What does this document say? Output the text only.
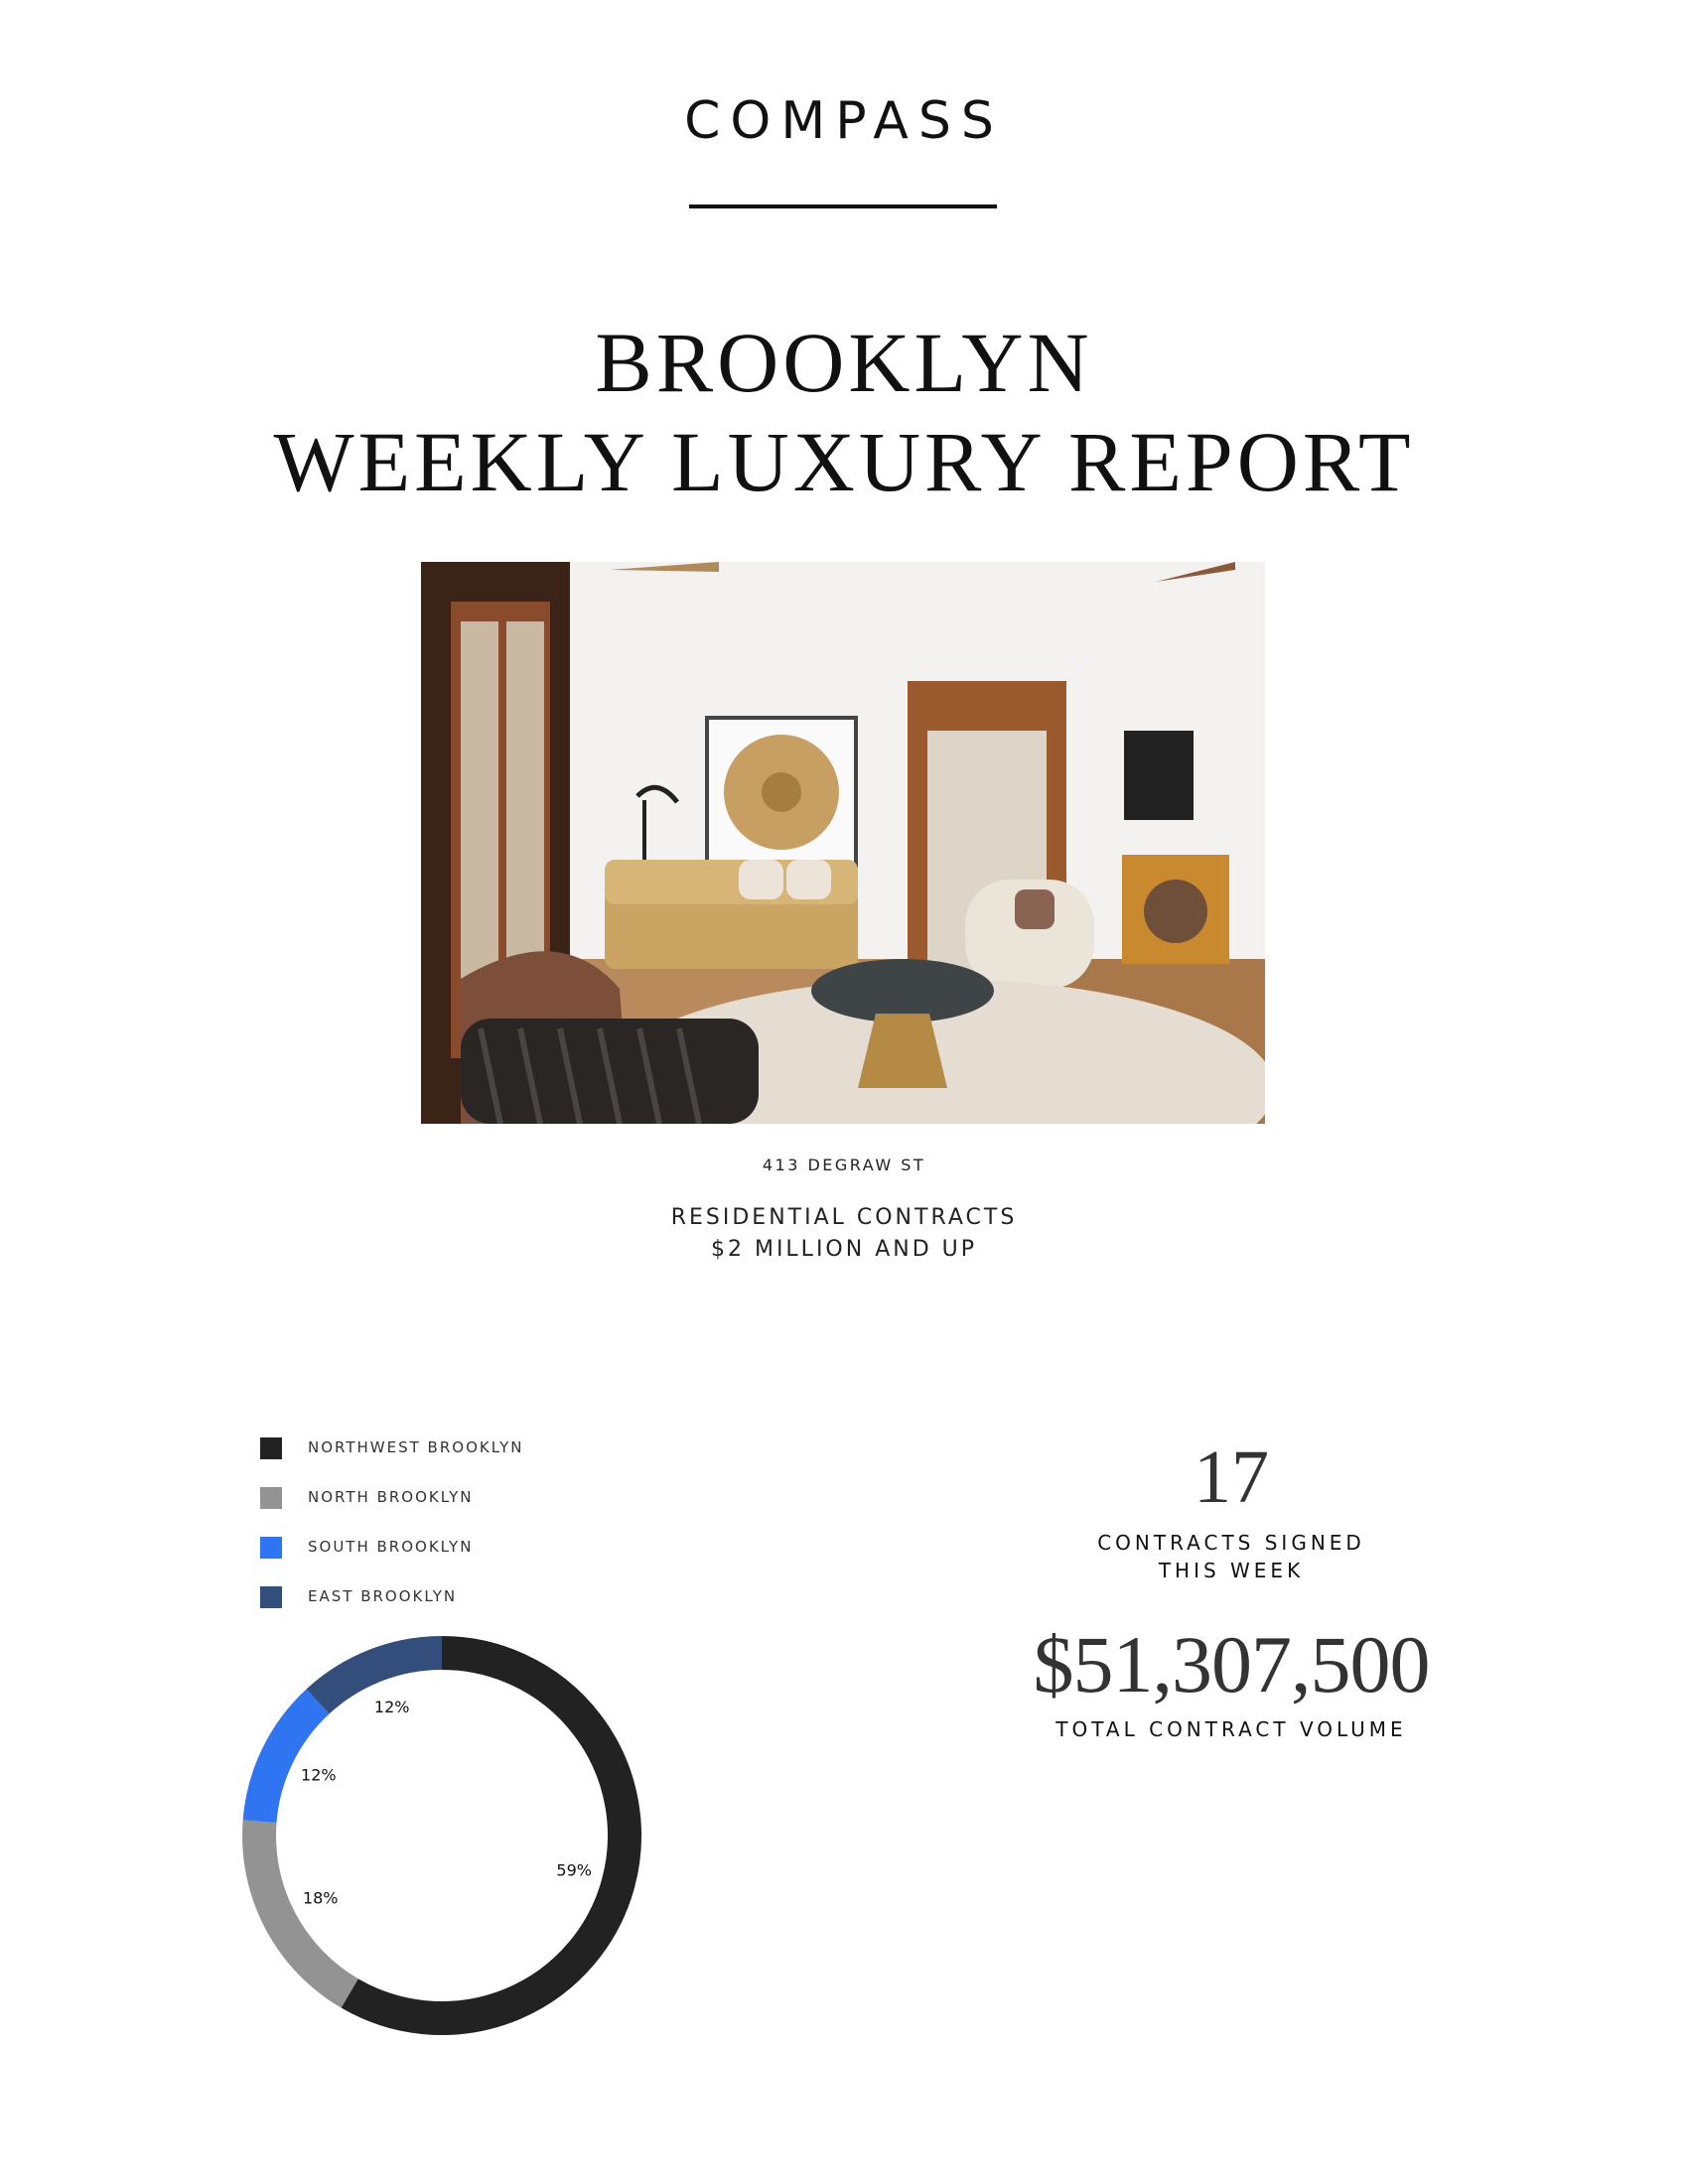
COMPASS
BROOKLYN
WEEKLY LUXURY REPORT
413 DEGRAW ST
RESIDENTIAL CONTRACTS
$2 MILLION AND UP
NORTHWEST BROOKLYN
NORTH BROOKLYN
SOUTH BROOKLYN
EAST BROOKLYN
59%
18%
12%
12%
17
CONTRACTS SIGNED
THIS WEEK
$51,307,500
TOTAL CONTRACT VOLUME
